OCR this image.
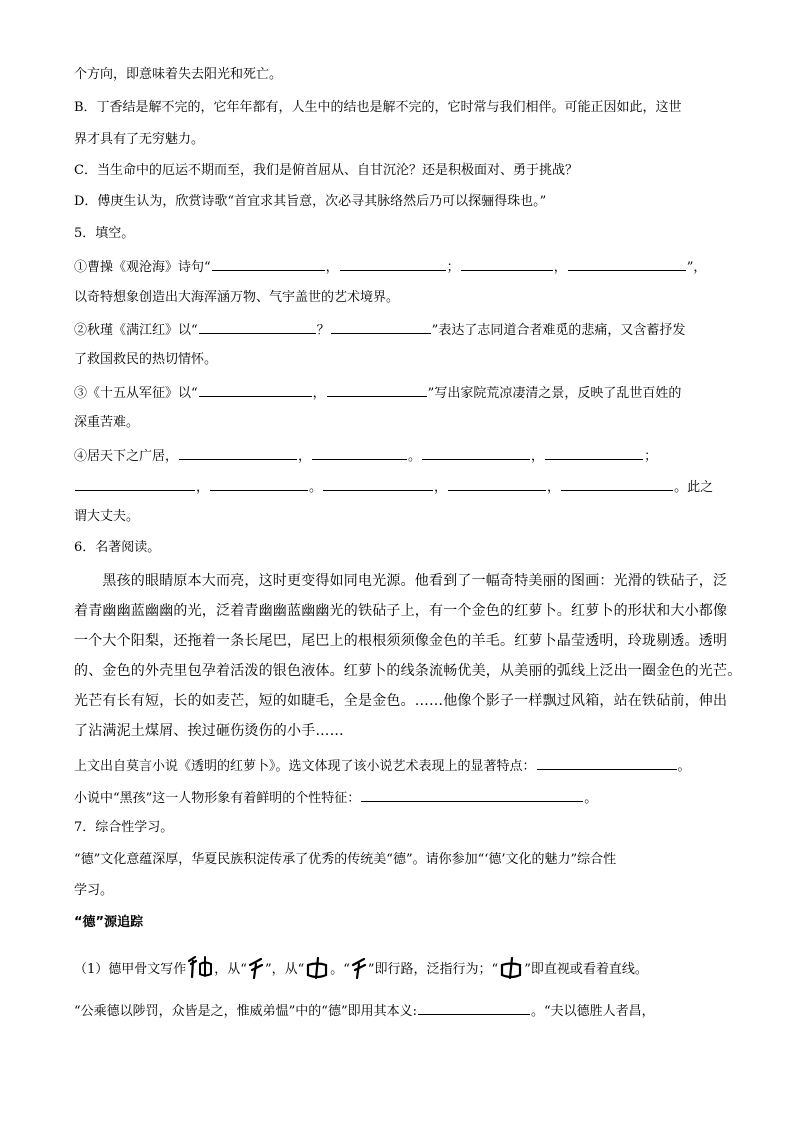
个方向，即意味着失去阳光和死亡。
B．丁香结是解不完的，它年年都有，人生中的结也是解不完的，它时常与我们相伴。可能正因如此，这世
界才具有了无穷魅力。
C．当生命中的厄运不期而至，我们是俯首屈从、自甘沉沦？还是积极面对、勇于挑战？
D．傅庚生认为，欣赏诗歌“首宜求其旨意，次必寻其脉络然后乃可以探骊得珠也。”
5．填空。
①曹操《观沧海》诗句“	，	；	，	”，
以奇特想象创造出大海浑涵万物、气宇盖世的艺术境界。
②秋瑾《满江红》以“	？	”表达了志同道合者难觅的悲痛，又含蓄抒发
了救国救民的热切情怀。
③《十五从军征》以“	，	”写出家院荒凉凄清之景，反映了乱世百姓的
深重苦难。
④居天下之广居，	，	。	，	；
，	。	，	，	。此之
谓大丈夫。
6．名著阅读。
　　黑孩的眼睛原本大而亮，这时更变得如同电光源。他看到了一幅奇特美丽的图画：光滑的铁砧子，泛
着青幽幽蓝幽幽的光，泛着青幽幽蓝幽幽光的铁砧子上，有一个金色的红萝卜。红萝卜的形状和大小都像
一个大个阳梨，还拖着一条长尾巴，尾巴上的根根须须像金色的羊毛。红萝卜晶莹透明，玲珑剔透。透明
的、金色的外壳里包孕着活泼的银色液体。红萝卜的线条流畅优美，从美丽的弧线上泛出一圈金色的光芒。
光芒有长有短，长的如麦芒，短的如睫毛，全是金色。……他像个影子一样飘过风箱，站在铁砧前，伸出
了沾满泥土煤屑、挨过砸伤烫伤的小手……
上文出自莫言小说《透明的红萝卜》。选文体现了该小说艺术表现上的显著特点：	。
小说中“黑孩”这一人物形象有着鲜明的个性特征：	。
7．综合性学习。
“德”文化意蕴深厚，华夏民族积淀传承了优秀的传统美“德”。请你参加“‘德’文化的魅力”综合性
学习。
“德”源追踪
（1）德甲骨文写作 ，从“ ”，从“ 。“ ”即行路，泛指行为；“ ”即直视或看着直线。
“公乘德以陟罚，众皆是之，惟威弟愠”中的“德”即用其本义:	。“夫以德胜人者昌，
